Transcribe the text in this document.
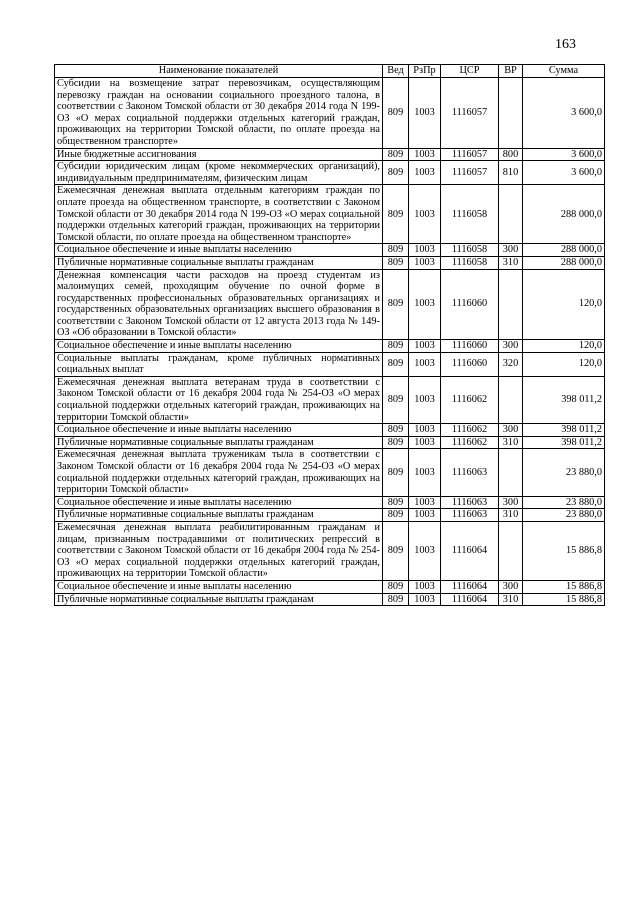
163
Наименование показателей	Вед	РзПр	ЦСР	ВР	Сумма
Субсидии на возмещение затрат перевозчикам, осуществляющим перевозку граждан на основании социального проездного талона, в соответствии с Законом Томской области от 30 декабря 2014 года N 199-ОЗ «О мерах социальной поддержки отдельных категорий граждан, проживающих на территории Томской области, по оплате проезда на общественном транспорте»	809	1003	1116057		3 600,0
Иные бюджетные ассигнования	809	1003	1116057	800	3 600,0
Субсидии юридическим лицам (кроме некоммерческих организаций), индивидуальным предпринимателям, физическим лицам	809	1003	1116057	810	3 600,0
Ежемесячная денежная выплата отдельным категориям граждан по оплате проезда на общественном транспорте, в соответствии с Законом Томской области от 30 декабря 2014 года N 199-ОЗ «О мерах социальной поддержки отдельных категорий граждан, проживающих на территории Томской области, по оплате проезда на общественном транспорте»	809	1003	1116058		288 000,0
Социальное обеспечение и иные выплаты населению	809	1003	1116058	300	288 000,0
Публичные нормативные социальные выплаты гражданам	809	1003	1116058	310	288 000,0
Денежная компенсация части расходов на проезд студентам из малоимущих семей, проходящим обучение по очной форме в государственных профессиональных образовательных организациях и государственных образовательных организациях высшего образования в соответствии с Законом Томской области от 12 августа 2013 года № 149-ОЗ «Об образовании в Томской области»	809	1003	1116060		120,0
Социальное обеспечение и иные выплаты населению	809	1003	1116060	300	120,0
Социальные выплаты гражданам, кроме публичных нормативных социальных выплат	809	1003	1116060	320	120,0
Ежемесячная денежная выплата ветеранам труда в соответствии с Законом Томской области от 16 декабря 2004 года № 254-ОЗ «О мерах социальной поддержки отдельных категорий граждан, проживающих на территории Томской области»	809	1003	1116062		398 011,2
Социальное обеспечение и иные выплаты населению	809	1003	1116062	300	398 011,2
Публичные нормативные социальные выплаты гражданам	809	1003	1116062	310	398 011,2
Ежемесячная денежная выплата труженикам тыла в соответствии с Законом Томской области от 16 декабря 2004 года № 254-ОЗ «О мерах социальной поддержки отдельных категорий граждан, проживающих на территории Томской области»	809	1003	1116063		23 880,0
Социальное обеспечение и иные выплаты населению	809	1003	1116063	300	23 880,0
Публичные нормативные социальные выплаты гражданам	809	1003	1116063	310	23 880,0
Ежемесячная денежная выплата реабилитированным гражданам и лицам, признанным пострадавшими от политических репрессий в соответствии с Законом Томской области от 16 декабря 2004 года № 254-ОЗ «О мерах социальной поддержки отдельных категорий граждан, проживающих на территории Томской области»	809	1003	1116064		15 886,8
Социальное обеспечение и иные выплаты населению	809	1003	1116064	300	15 886,8
Публичные нормативные социальные выплаты гражданам	809	1003	1116064	310	15 886,8
